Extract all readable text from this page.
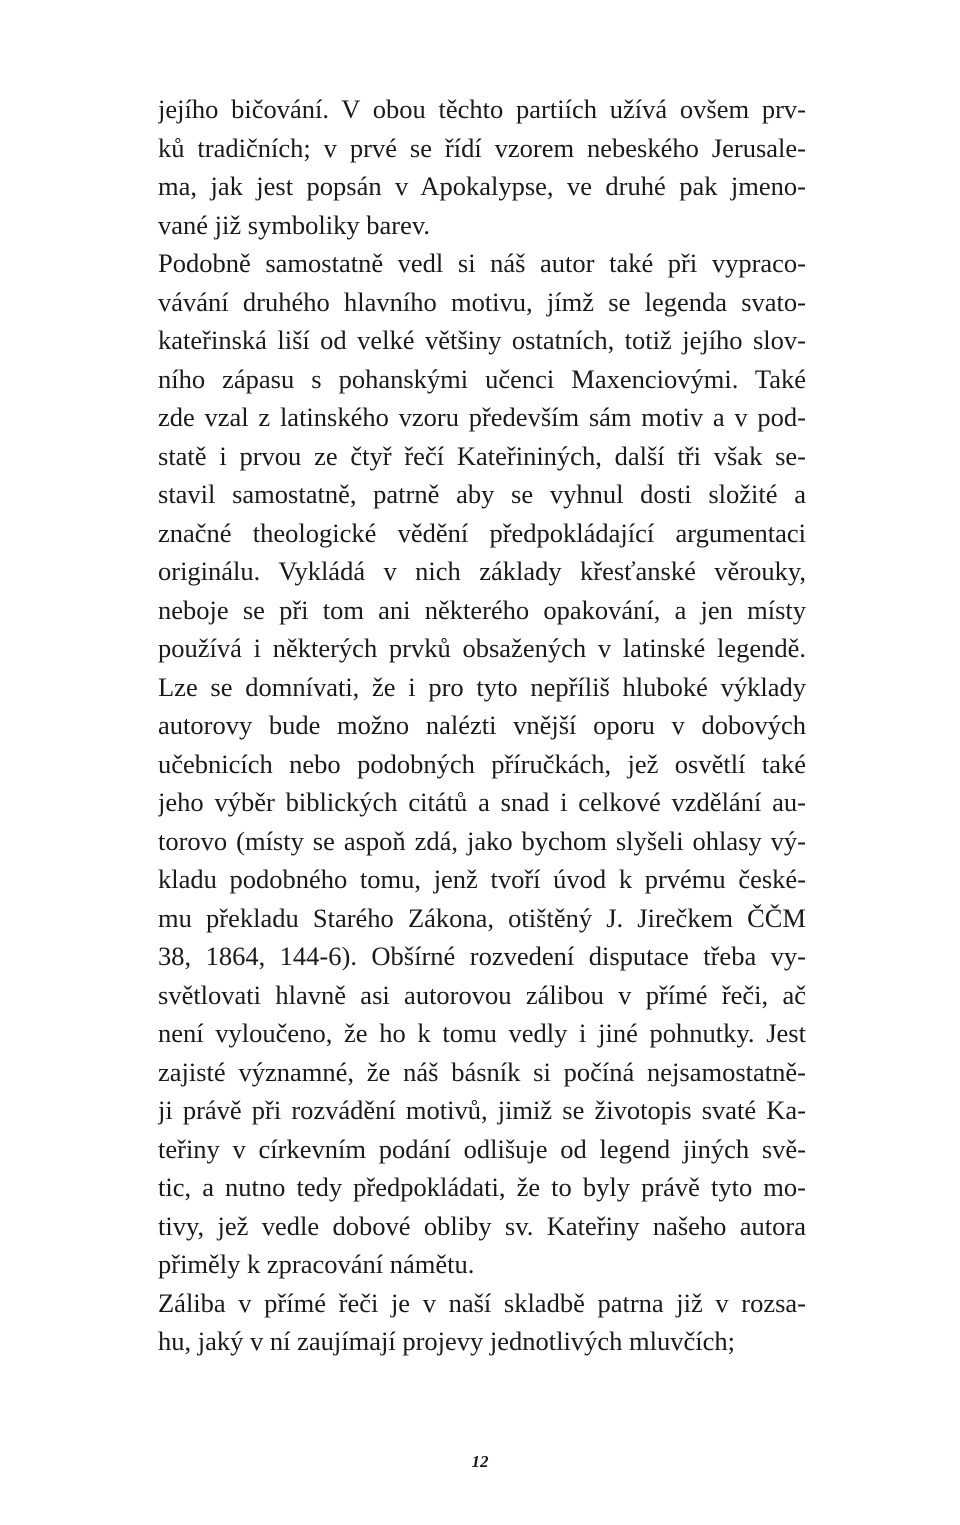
jejího bičování. V obou těchto partiích užívá ovšem prv-
ků tradičních; v prvé se řídí vzorem nebeského Jerusale-
ma, jak jest popsán v Apokalypse, ve druhé pak jmeno-
vané již symboliky barev.
Podobně samostatně vedl si náš autor také při vypraco-
vávání druhého hlavního motivu, jímž se legenda svato-
kateřinská liší od velké většiny ostatních, totiž jejího slov-
ního zápasu s pohanskými učenci Maxenciovými. Také
zde vzal z latinského vzoru především sám motiv a v pod-
statě i prvou ze čtyř řečí Kateřininých, další tři však se-
stavil samostatně, patrně aby se vyhnul dosti složité a
značné theologické vědění předpokládající argumentaci
originálu. Vykládá v nich základy křesťanské věrouky,
neboje se při tom ani některého opakování, a jen místy
používá i některých prvků obsažených v latinské legendě.
Lze se domnívati, že i pro tyto nepříliš hluboké výklady
autorovy bude možno nalézti vnější oporu v dobových
učebnicích nebo podobných příručkách, jež osvětlí také
jeho výběr biblických citátů a snad i celkové vzdělání au-
torovo (místy se aspoň zdá, jako bychom slyšeli ohlasy vý-
kladu podobného tomu, jenž tvoří úvod k prvému české-
mu překladu Starého Zákona, otištěný J. Jirečkem ČČM
38, 1864, 144-6). Obšírné rozvedení disputace třeba vy-
světlovati hlavně asi autorovou zálibou v přímé řeči, ač
není vyloučeno, že ho k tomu vedly i jiné pohnutky. Jest
zajisté významné, že náš básník si počíná nejsamostatně-
ji právě při rozvádění motivů, jimiž se životopis svaté Ka-
teřiny v církevním podání odlišuje od legend jiných svě-
tic, a nutno tedy předpokládati, že to byly právě tyto mo-
tivy, jež vedle dobové obliby sv. Kateřiny našeho autora
přiměly k zpracování námětu.
Záliba v přímé řeči je v naší skladbě patrna již v rozsa-
hu, jaký v ní zaujímají projevy jednotlivých mluvčích;
12
